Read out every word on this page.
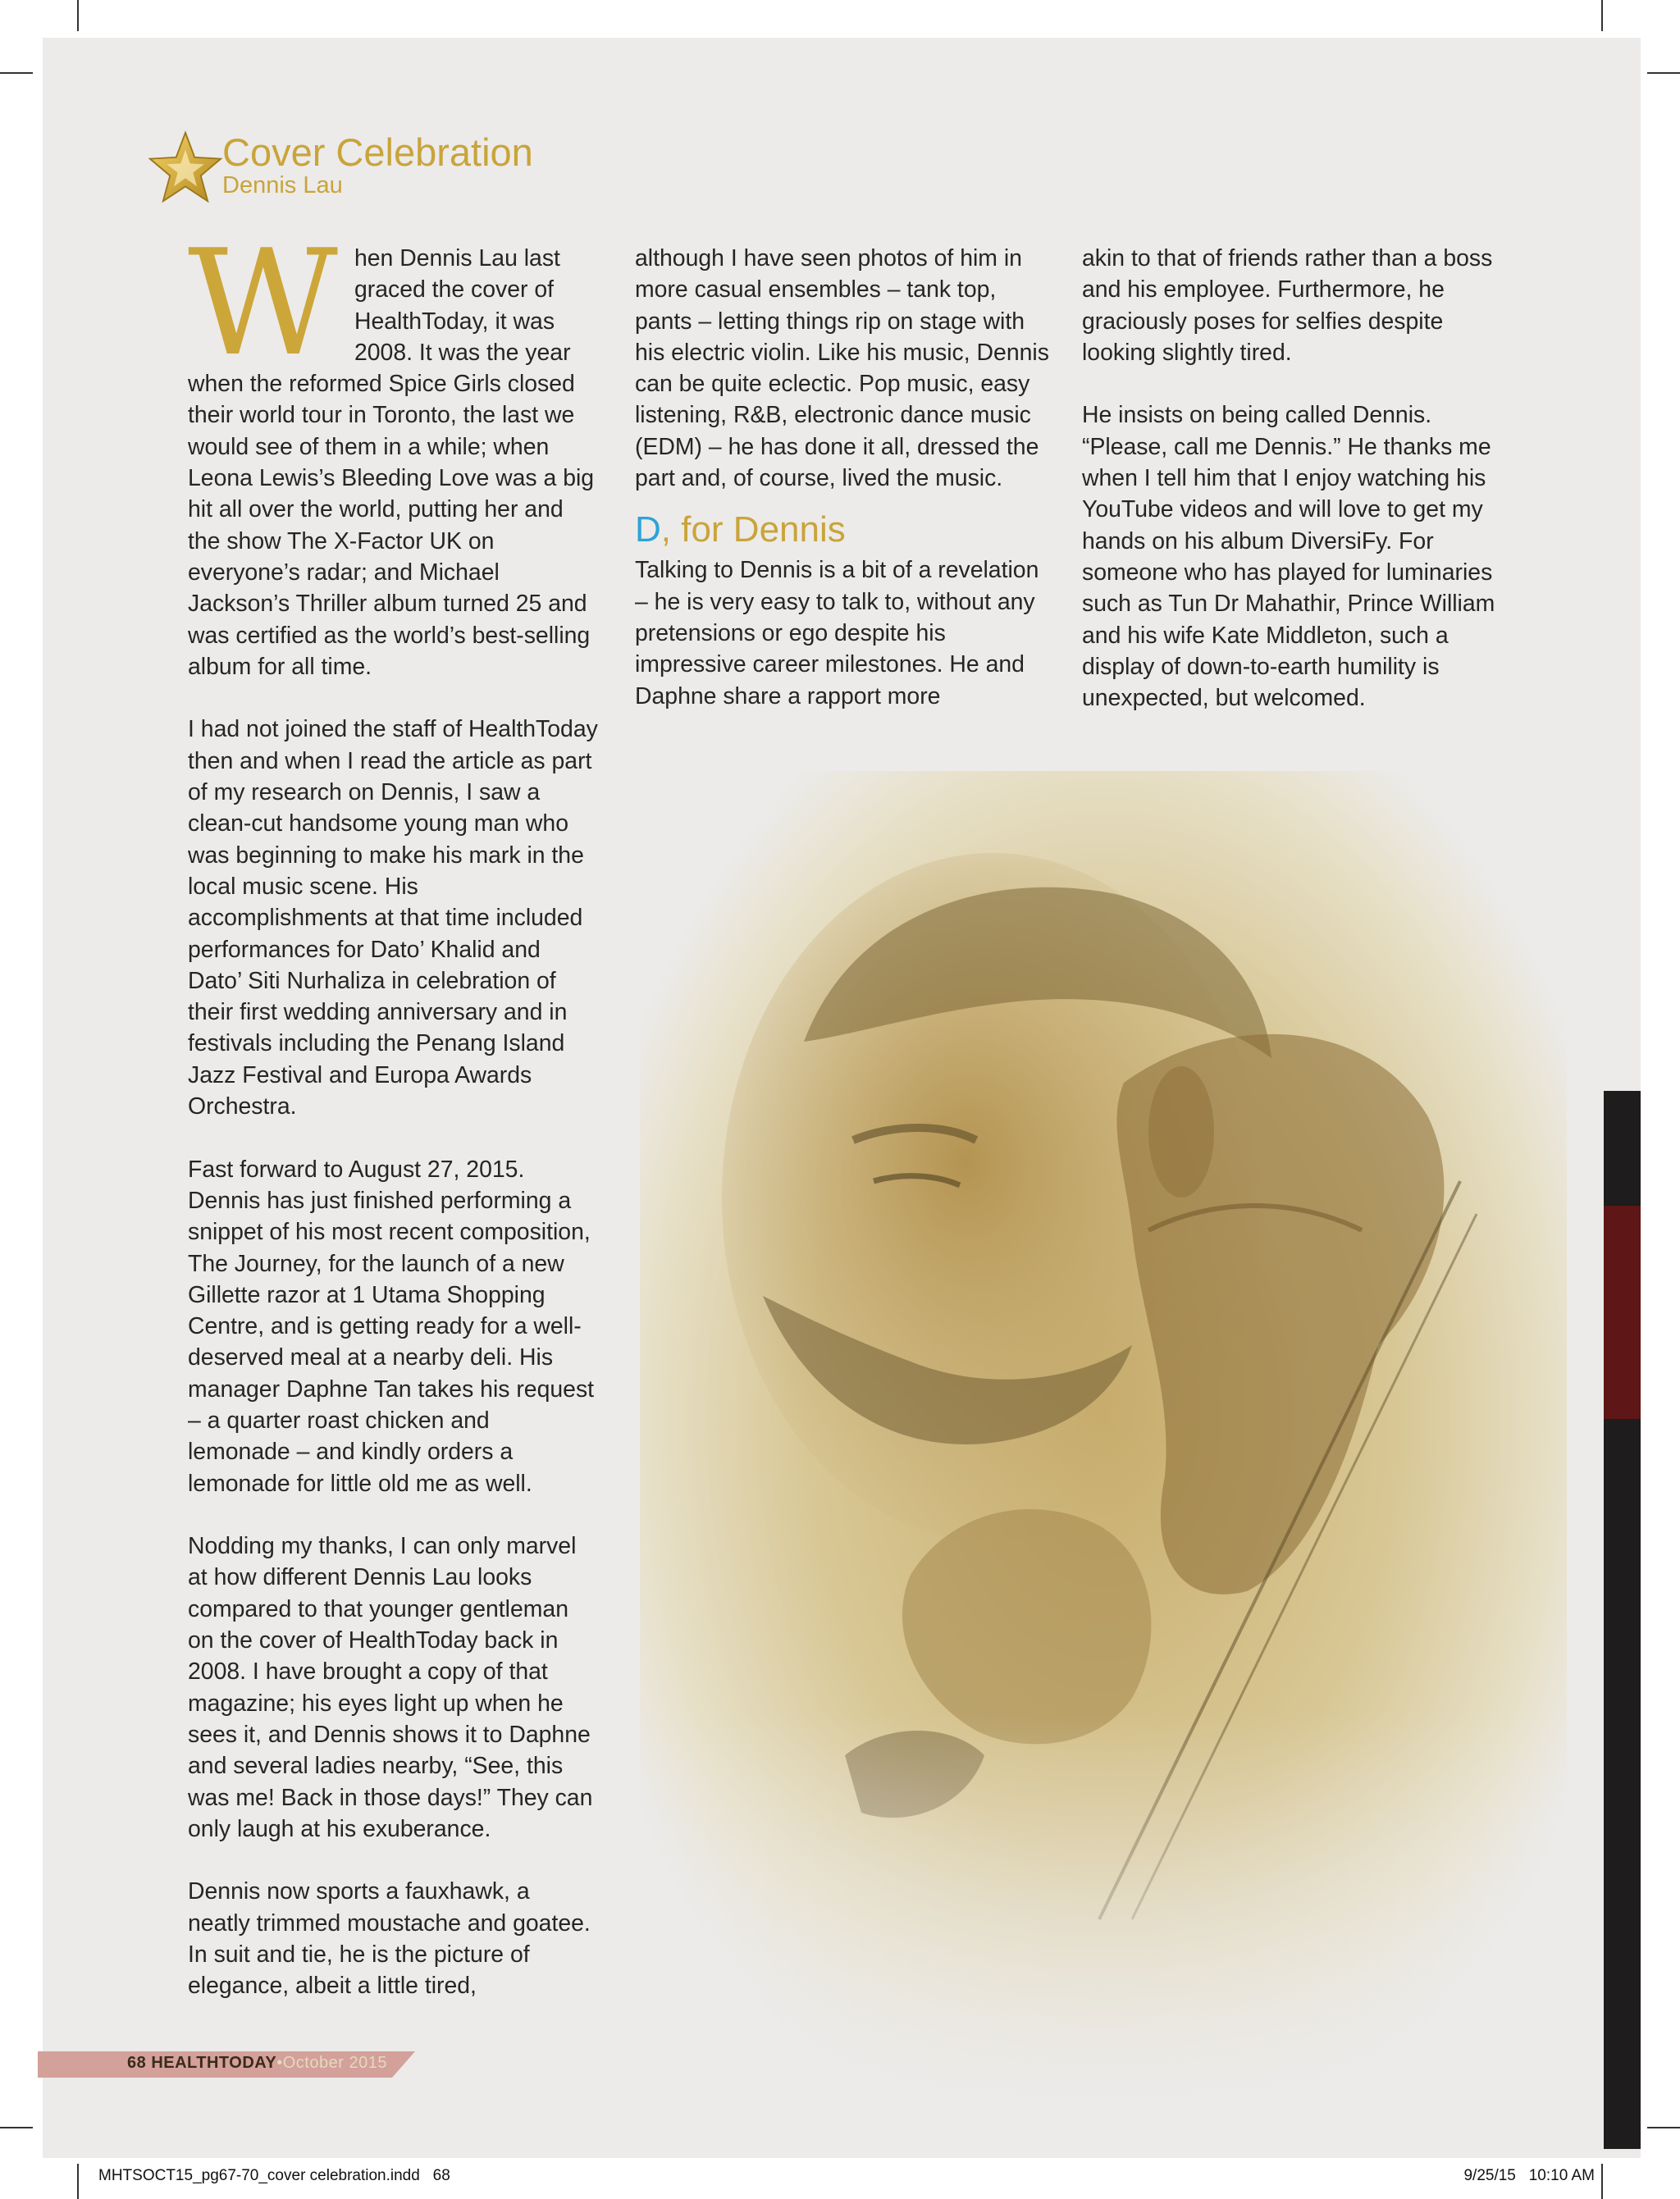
Cover Celebration
Dennis Lau

When Dennis Lau last graced the cover of HealthToday, it was 2008. It was the year when the reformed Spice Girls closed their world tour in Toronto, the last we would see of them in a while; when Leona Lewis’s Bleeding Love was a big hit all over the world, putting her and the show The X-Factor UK on everyone’s radar; and Michael Jackson’s Thriller album turned 25 and was certified as the world’s best-selling album for all time.

I had not joined the staff of HealthToday then and when I read the article as part of my research on Dennis, I saw a clean-cut handsome young man who was beginning to make his mark in the local music scene. His accomplishments at that time included performances for Dato’ Khalid and Dato’ Siti Nurhaliza in celebration of their first wedding anniversary and in festivals including the Penang Island Jazz Festival and Europa Awards Orchestra.

Fast forward to August 27, 2015. Dennis has just finished performing a snippet of his most recent composition, The Journey, for the launch of a new Gillette razor at 1 Utama Shopping Centre, and is getting ready for a well-deserved meal at a nearby deli. His manager Daphne Tan takes his request – a quarter roast chicken and lemonade – and kindly orders a lemonade for little old me as well.

Nodding my thanks, I can only marvel at how different Dennis Lau looks compared to that younger gentleman on the cover of HealthToday back in 2008. I have brought a copy of that magazine; his eyes light up when he sees it, and Dennis shows it to Daphne and several ladies nearby, “See, this was me! Back in those days!” They can only laugh at his exuberance.

Dennis now sports a fauxhawk, a neatly trimmed moustache and goatee. In suit and tie, he is the picture of elegance, albeit a little tired,

although I have seen photos of him in more casual ensembles – tank top, pants – letting things rip on stage with his electric violin. Like his music, Dennis can be quite eclectic. Pop music, easy listening, R&B, electronic dance music (EDM) – he has done it all, dressed the part and, of course, lived the music.

D, for Dennis

Talking to Dennis is a bit of a revelation – he is very easy to talk to, without any pretensions or ego despite his impressive career milestones. He and Daphne share a rapport more

akin to that of friends rather than a boss and his employee. Furthermore, he graciously poses for selfies despite looking slightly tired.

He insists on being called Dennis. “Please, call me Dennis.” He thanks me when I tell him that I enjoy watching his YouTube videos and will love to get my hands on his album DiversiFy. For someone who has played for luminaries such as Tun Dr Mahathir, Prince William and his wife Kate Middleton, such a display of down-to-earth humility is unexpected, but welcomed.

68 HEALTHTODAY•October 2015
MHTSOCT15_pg67-70_cover celebration.indd   68	9/25/15   10:10 AM
